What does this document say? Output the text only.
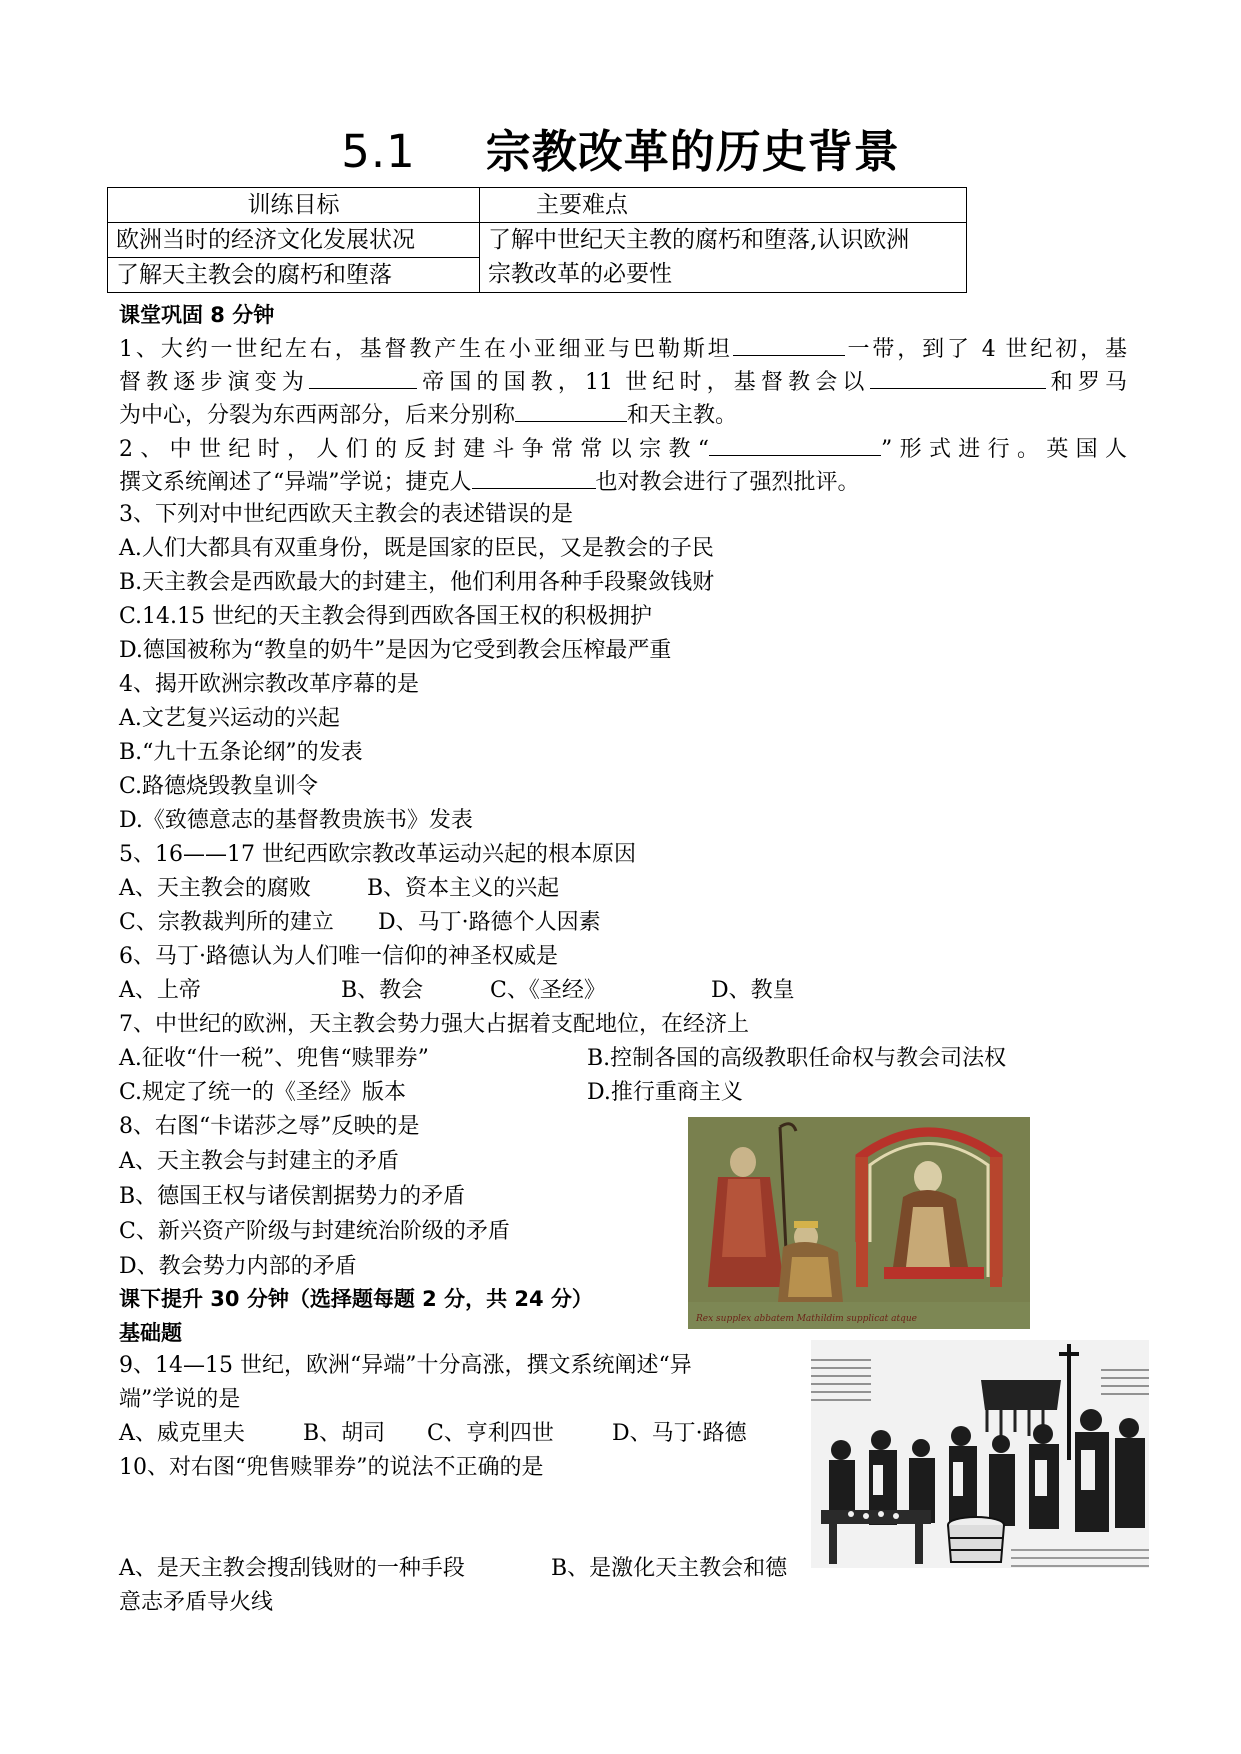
5.1 宗教改革的历史背景
训练目标	主要难点
欧洲当时的经济文化发展状况	了解中世纪天主教的腐朽和堕落,认识欧洲
宗教改革的必要性

了解天主教会的腐朽和堕落	
课堂巩固 8 分钟
1、大约一世纪左右，基督教产生在小亚细亚与巴勒斯坦	一带，到了 4 世纪初，基
督教逐步演变为	帝国的国教，11 世纪时，基督教会以	和罗马
为中心，分裂为东西两部分，后来分别称	和天主教。
2、中世纪时，人们的反封建斗争常常以宗教“	”形式进行。英国人
撰文系统阐述了“异端”学说；捷克人	也对教会进行了强烈批评。
3、下列对中世纪西欧天主教会的表述错误的是
A.人们大都具有双重身份，既是国家的臣民，又是教会的子民
B.天主教会是西欧最大的封建主，他们利用各种手段聚敛钱财
C.14.15 世纪的天主教会得到西欧各国王权的积极拥护
D.德国被称为“教皇的奶牛”是因为它受到教会压榨最严重
4、揭开欧洲宗教改革序幕的是
A.文艺复兴运动的兴起
B.“九十五条论纲”的发表
C.路德烧毁教皇训令
D.《致德意志的基督教贵族书》发表
5、16——17 世纪西欧宗教改革运动兴起的根本原因
A、天主教会的腐败	B、资本主义的兴起
C、宗教裁判所的建立 D、马丁·路德个人因素
6、马丁·路德认为人们唯一信仰的神圣权威是
A、上帝	B、教会	C、《圣经》	D、教皇
7、中世纪的欧洲，天主教会势力强大占据着支配地位，在经济上
A.征收“什一税”、兜售“赎罪券”	B.控制各国的高级教职任命权与教会司法权
C.规定了统一的《圣经》版本	D.推行重商主义
8、右图“卡诺莎之辱”反映的是
A、天主教会与封建主的矛盾
B、德国王权与诸侯割据势力的矛盾
C、新兴资产阶级与封建统治阶级的矛盾
D、教会势力内部的矛盾
Rex supplex abbatem Mathildim supplicat atque
课下提升 30 分钟（选择题每题 2 分，共 24 分）
基础题
9、14—15 世纪，欧洲“异端”十分高涨，撰文系统阐述“异
端”学说的是
A、威克里夫	B、胡司 C、亨利四世	D、马丁·路德
10、对右图“兜售赎罪券”的说法不正确的是
A、是天主教会搜刮钱财的一种手段	B、是激化天主教会和德
意志矛盾导火线
